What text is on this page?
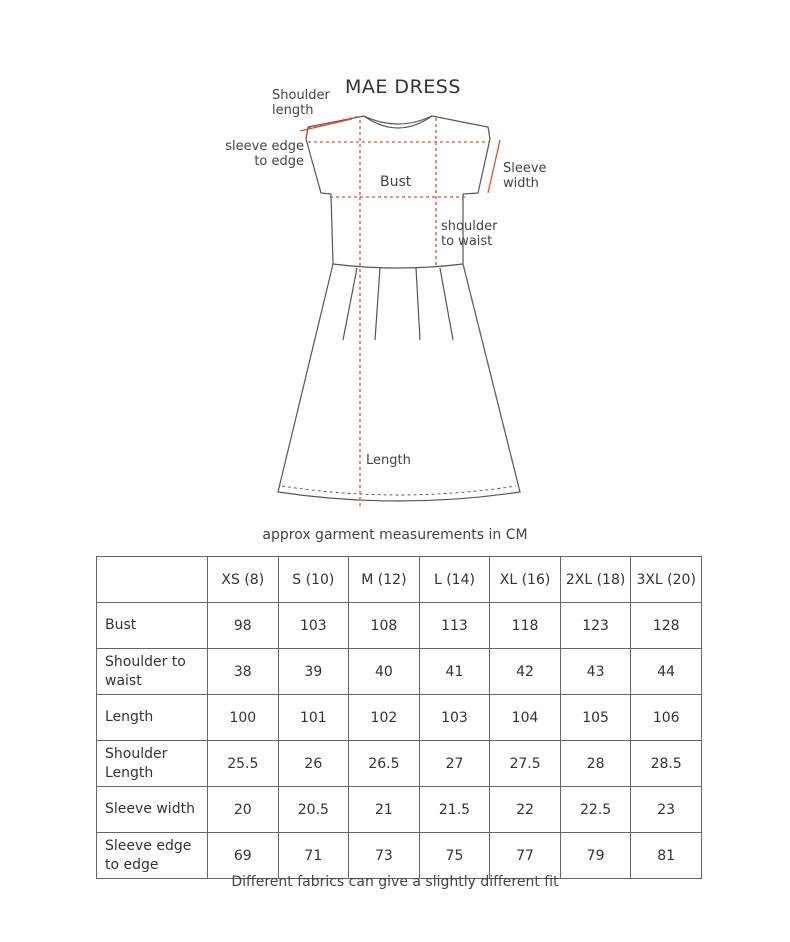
MAE DRESS
Shoulder
length
sleeve edge
to edge
Bust
Sleeve
width
shoulder
to waist
Length
approx garment measurements in CM
	XS (8)	S (10)	M (12)	L (14)	XL (16)	2XL (18)	3XL (20)

Bust	98	103	108	113	118	123	128

Shoulder to
waist	38	39	40	41	42	43	44

Length	100	101	102	103	104	105	106

Shoulder
Length	25.5	26	26.5	27	27.5	28	28.5

Sleeve width	20	20.5	21	21.5	22	22.5	23

Sleeve edge
to edge	69	71	73	75	77	79	81
Different fabrics can give a slightly different fit
